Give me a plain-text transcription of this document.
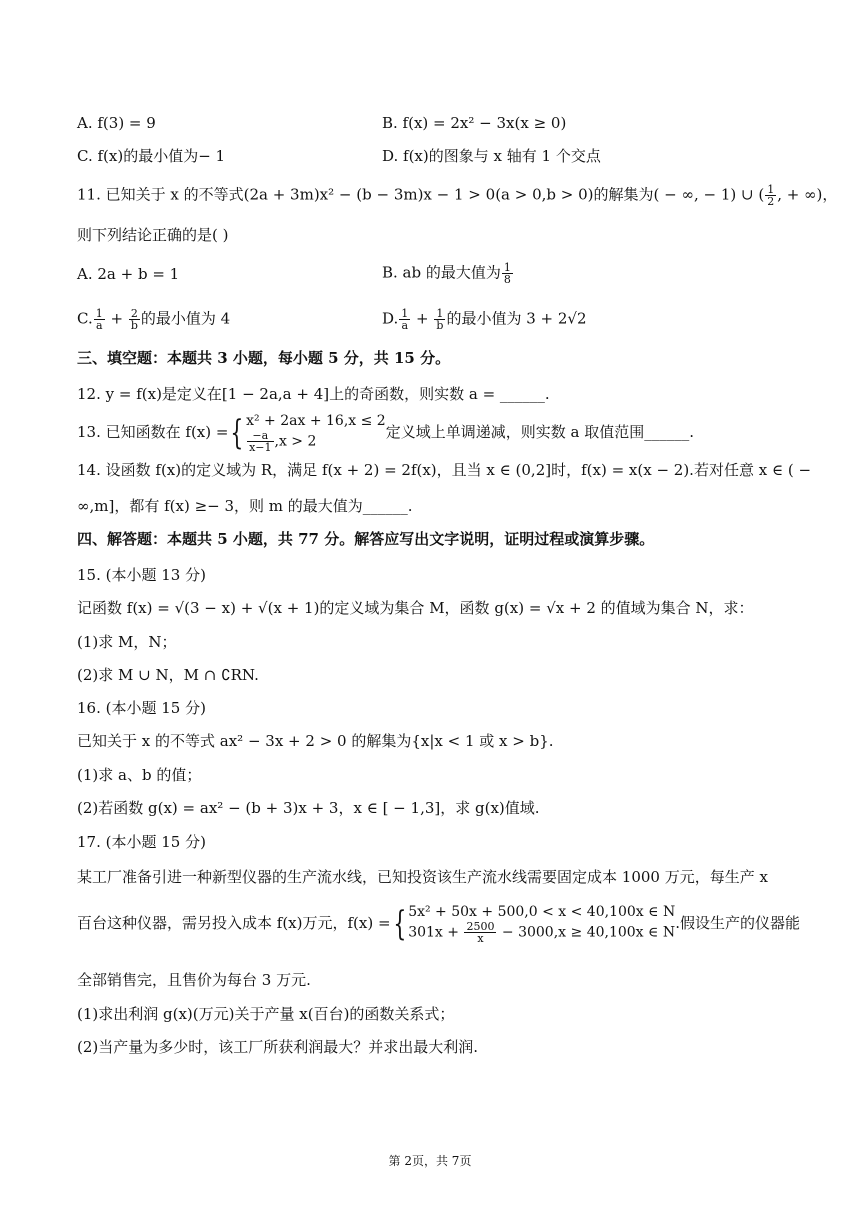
A. f(3) = 9	B. f(x) = 2x² − 3x(x ≥ 0)
C. f(x)的最小值为− 1	D. f(x)的图象与 x 轴有 1 个交点
11. 已知关于 x 的不等式(2a + 3m)x² − (b − 3m)x − 1 > 0(a > 0,b > 0)的解集为( − ∞, − 1) ∪ ( $\frac{1}{2}$ , + ∞)，
则下列结论正确的是( )
A. 2a + b = 1	B. ab 的最大值为 $\frac{1}{8}$
C. $\frac{1}{a} + \frac{2}{b}$ 的最小值为 4	D. $\frac{1}{a} + \frac{1}{b}$ 的最小值为 3 + 2√2
三、填空题：本题共 3 小题，每小题 5 分，共 15 分。
12. y = f(x)是定义在[1 − 2a,a + 4]上的奇函数，则实数 a = ______.
13. 已知函数在 f(x) ={ x² + 2ax + 16,x ≤ 2
$\frac{-a}{x-1} ,x > 2$
定义域上单调递减，则实数 a 取值范围______.
14. 设函数 f(x)的定义域为 R，满足 f(x + 2) = 2f(x)，且当 x ∈ (0,2]时，f(x) = x(x − 2).若对任意 x ∈ ( −
∞,m]，都有 f(x) ≥− 3，则 m 的最大值为______.
四、解答题：本题共 5 小题，共 77 分。解答应写出文字说明，证明过程或演算步骤。
15. (本小题 13 分)
记函数 f(x) = √(3 − x) + √(x + 1)的定义域为集合 M，函数 g(x) = √x + 2 的值域为集合 N，求：
(1)求 M，N；
(2)求 M ∪ N，M ∩ ∁RN.
16. (本小题 15 分)
已知关于 x 的不等式 ax² − 3x + 2 > 0 的解集为{x|x < 1 或 x > b}.
(1)求 a、b 的值；
(2)若函数 g(x) = ax² − (b + 3)x + 3，x ∈ [ − 1,3]，求 g(x)值域.
17. (本小题 15 分)
某工厂准备引进一种新型仪器的生产流水线，已知投资该生产流水线需要固定成本 1000 万元，每生产 x
百台这种仪器，需另投入成本 f(x)万元，f(x) ={ 5x² + 50x + 500,0 < x < 40,100x ∈ N
$301x + \frac{2500}{x} - 3000,x \ge 40,100x$ ∈ N
.假设生产的仪器能
全部销售完，且售价为每台 3 万元.
(1)求出利润 g(x)(万元)关于产量 x(百台)的函数关系式；
(2)当产量为多少时，该工厂所获利润最大？并求出最大利润.
第 2页，共 7页
